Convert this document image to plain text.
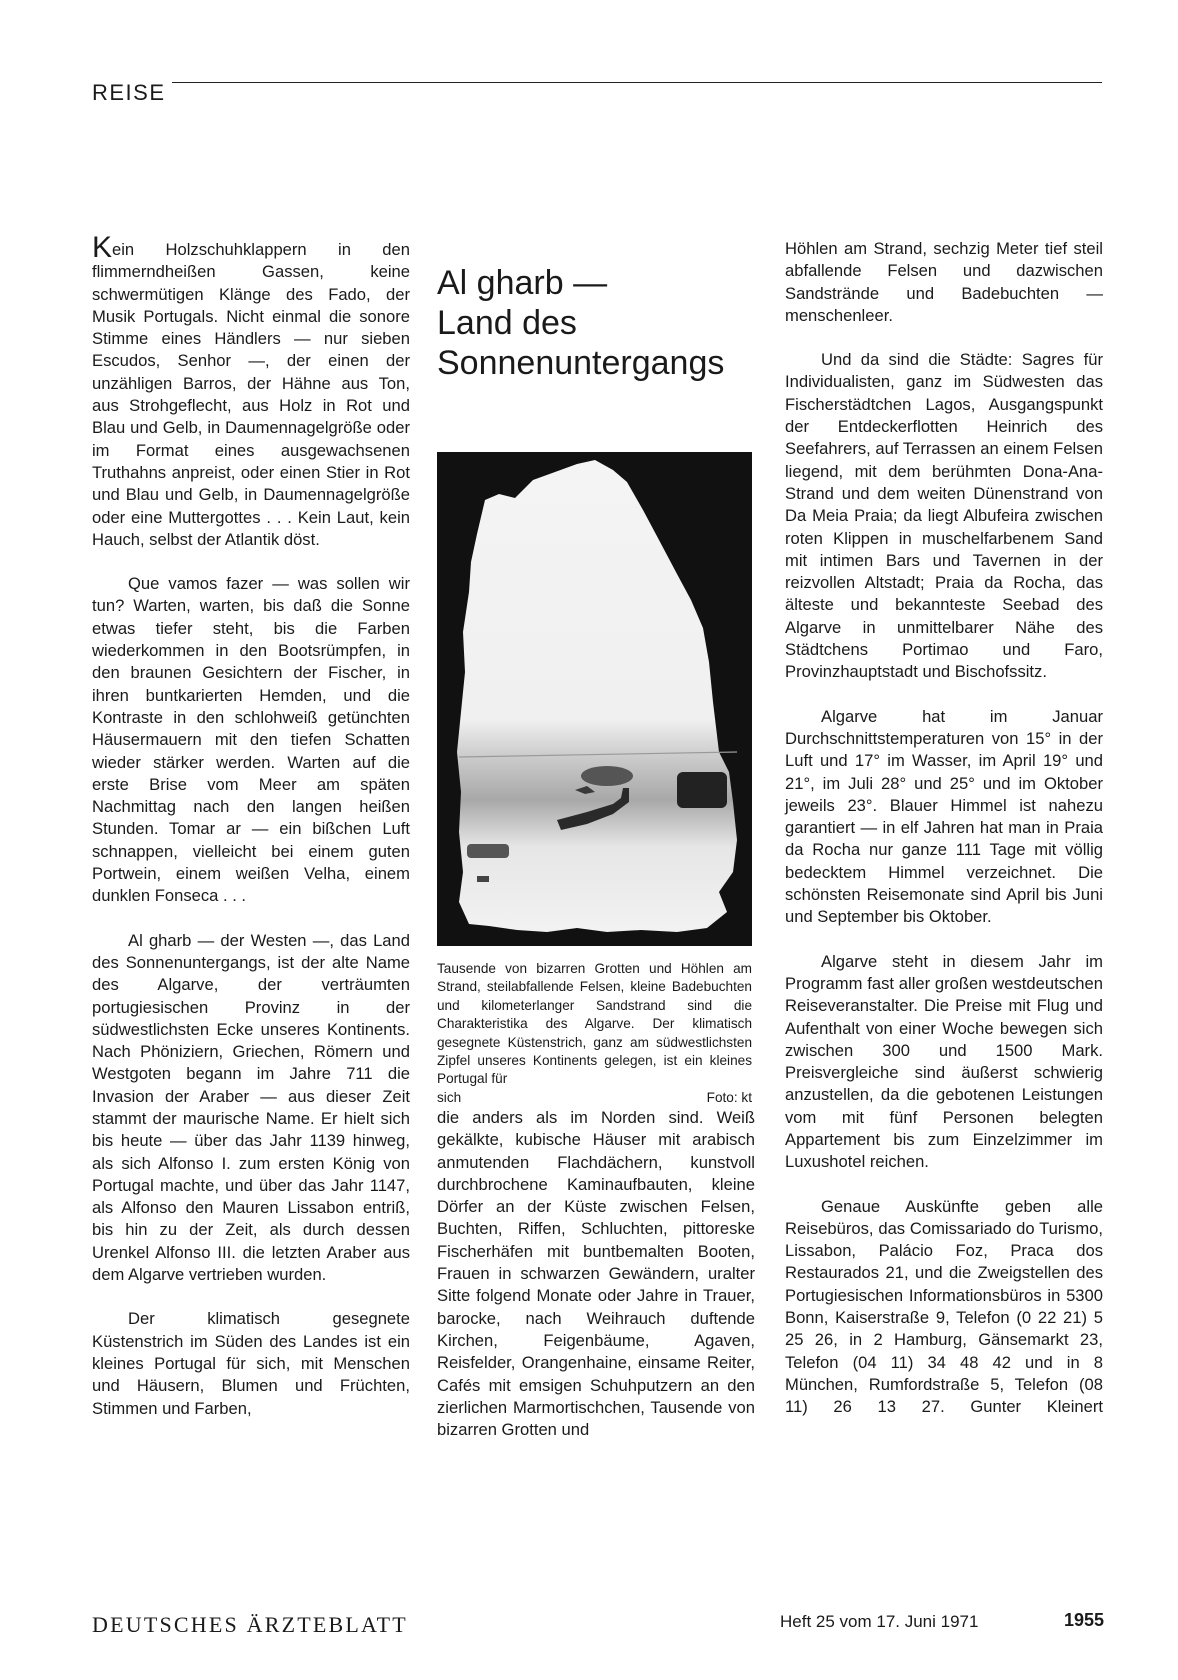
REISE

Kein Holzschuhklappern in den flimmerndheißen Gassen, keine schwermütigen Klänge des Fado, der Musik Portugals. Nicht einmal die sonore Stimme eines Händlers — nur sieben Escudos, Senhor —, der einen der unzähligen Barros, der Hähne aus Ton, aus Strohgeflecht, aus Holz in Rot und Blau und Gelb, in Daumennagelgröße oder im Format eines ausgewachsenen Truthahns anpreist, oder einen Stier in Rot und Blau und Gelb, in Daumennagelgröße oder eine Muttergottes . . . Kein Laut, kein Hauch, selbst der Atlantik döst.

Que vamos fazer — was sollen wir tun? Warten, warten, bis daß die Sonne etwas tiefer steht, bis die Farben wiederkommen in den Bootsrümpfen, in den braunen Gesichtern der Fischer, in ihren buntkarierten Hemden, und die Kontraste in den schlohweiß getünchten Häusermauern mit den tiefen Schatten wieder stärker werden. Warten auf die erste Brise vom Meer am späten Nachmittag nach den langen heißen Stunden. Tomar ar — ein bißchen Luft schnappen, vielleicht bei einem guten Portwein, einem weißen Velha, einem dunklen Fonseca . . .

Al gharb — der Westen —, das Land des Sonnenuntergangs, ist der alte Name des Algarve, der verträumten portugiesischen Provinz in der südwestlichsten Ecke unseres Kontinents. Nach Phöniziern, Griechen, Römern und Westgoten begann im Jahre 711 die Invasion der Araber — aus dieser Zeit stammt der maurische Name. Er hielt sich bis heute — über das Jahr 1139 hinweg, als sich Alfonso I. zum ersten König von Portugal machte, und über das Jahr 1147, als Alfonso den Mauren Lissabon entriß, bis hin zu der Zeit, als durch dessen Urenkel Alfonso III. die letzten Araber aus dem Algarve vertrieben wurden.

Der klimatisch gesegnete Küstenstrich im Süden des Landes ist ein kleines Portugal für sich, mit Menschen und Häusern, Blumen und Früchten, Stimmen und Farben,

Al gharb —
Land des
Sonnenuntergangs
Tausende von bizarren Grotten und Höhlen am Strand, steilabfallende Felsen, kleine Badebuchten und kilometerlanger Sandstrand sind die Charakteristika des Algarve. Der klimatisch gesegnete Küstenstrich, ganz am südwestlichsten Zipfel unseres Kontinents gelegen, ist ein kleines Portugal für
sich	Foto: kt

die anders als im Norden sind. Weiß gekälkte, kubische Häuser mit arabisch anmutenden Flachdächern, kunstvoll durchbrochene Kaminaufbauten, kleine Dörfer an der Küste zwischen Felsen, Buchten, Riffen, Schluchten, pittoreske Fischerhäfen mit buntbemalten Booten, Frauen in schwarzen Gewändern, uralter Sitte folgend Monate oder Jahre in Trauer, barocke, nach Weihrauch duftende Kirchen, Feigenbäume, Agaven, Reisfelder, Orangenhaine, einsame Reiter, Cafés mit emsigen Schuhputzern an den zierlichen Marmortischchen, Tausende von bizarren Grotten und

Höhlen am Strand, sechzig Meter tief steil abfallende Felsen und dazwischen Sandstrände und Badebuchten — menschenleer.

Und da sind die Städte: Sagres für Individualisten, ganz im Südwesten das Fischerstädtchen Lagos, Ausgangspunkt der Entdeckerflotten Heinrich des Seefahrers, auf Terrassen an einem Felsen liegend, mit dem berühmten Dona-Ana-Strand und dem weiten Dünenstrand von Da Meia Praia; da liegt Albufeira zwischen roten Klippen in muschelfarbenem Sand mit intimen Bars und Tavernen in der reizvollen Altstadt; Praia da Rocha, das älteste und bekannteste Seebad des Algarve in unmittelbarer Nähe des Städtchens Portimao und Faro, Provinzhauptstadt und Bischofssitz.

Algarve hat im Januar Durchschnittstemperaturen von 15° in der Luft und 17° im Wasser, im April 19° und 21°, im Juli 28° und 25° und im Oktober jeweils 23°. Blauer Himmel ist nahezu garantiert — in elf Jahren hat man in Praia da Rocha nur ganze 111 Tage mit völlig bedecktem Himmel verzeichnet. Die schönsten Reisemonate sind April bis Juni und September bis Oktober.

Algarve steht in diesem Jahr im Programm fast aller großen westdeutschen Reiseveranstalter. Die Preise mit Flug und Aufenthalt von einer Woche bewegen sich zwischen 300 und 1500 Mark. Preisvergleiche sind äußerst schwierig anzustellen, da die gebotenen Leistungen vom mit fünf Personen belegten Appartement bis zum Einzelzimmer im Luxushotel reichen.

Genaue Auskünfte geben alle Reisebüros, das Comissariado do Turismo, Lissabon, Palácio Foz, Praca dos Restaurados 21, und die Zweigstellen des Portugiesischen Informationsbüros in 5300 Bonn, Kaiserstraße 9, Telefon (0 22 21) 5 25 26, in 2 Hamburg, Gänsemarkt 23, Telefon (04 11) 34 48 42 und in 8 München, Rumfordstraße 5, Telefon (08 11) 26 13 27. Gunter Kleinert

DEUTSCHES ÄRZTEBLATT	Heft 25 vom 17. Juni 1971	1955
